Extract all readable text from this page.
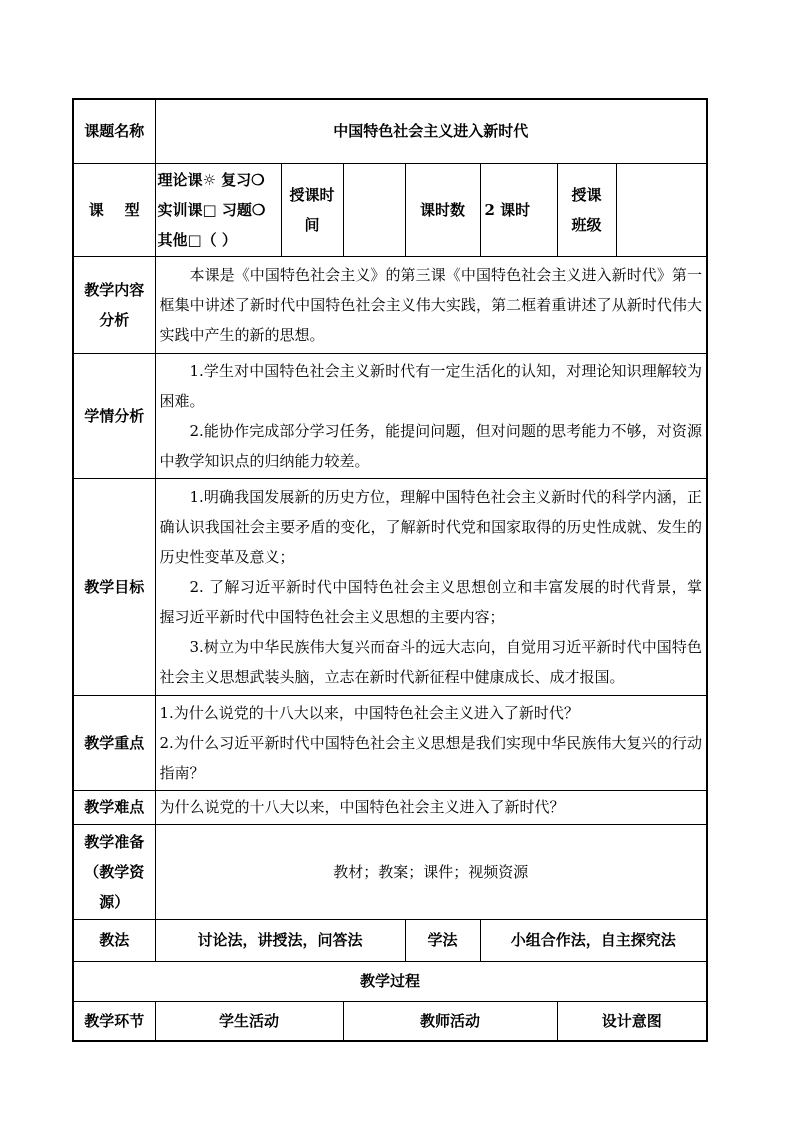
课题名称	中国特色社会主义进入新时代						
课    型	理论课☼ 复习❍
实训课□ 习题❍
其他□（ ）	授课时间		课时数	2 课时	授课班级	
教学内容分析	本课是《中国特色社会主义》的第三课《中国特色社会主义进入新时代》第一框集中讲述了新时代中国特色社会主义伟大实践，第二框着重讲述了从新时代伟大实践中产生的新的思想。						

学情分析	1.学生对中国特色社会主义新时代有一定生活化的认知，对理论知识理解较为困难。

2.能协作完成部分学习任务，能提问问题，但对问题的思考能力不够，对资源中教学知识点的归纳能力较差。						

教学目标	1.明确我国发展新的历史方位，理解中国特色社会主义新时代的科学内涵，正确认识我国社会主要矛盾的变化，了解新时代党和国家取得的历史性成就、发生的历史性变革及意义；

2. 了解习近平新时代中国特色社会主义思想创立和丰富发展的时代背景，掌握习近平新时代中国特色社会主义思想的主要内容；

3.树立为中华民族伟大复兴而奋斗的远大志向，自觉用习近平新时代中国特色社会主义思想武装头脑，立志在新时代新征程中健康成长、成才报国。						

教学重点	1.为什么说党的十八大以来，中国特色社会主义进入了新时代？

2.为什么习近平新时代中国特色社会主义思想是我们实现中华民族伟大复兴的行动指南？						

教学难点	为什么说党的十八大以来，中国特色社会主义进入了新时代？						
教学准备（教学资源）	教材；教案；课件；视频资源						
教法	讨论法，讲授法，问答法			学法	小组合作法，自主探究法		
教学过程							
教学环节	学生活动		教师活动			设计意图	
